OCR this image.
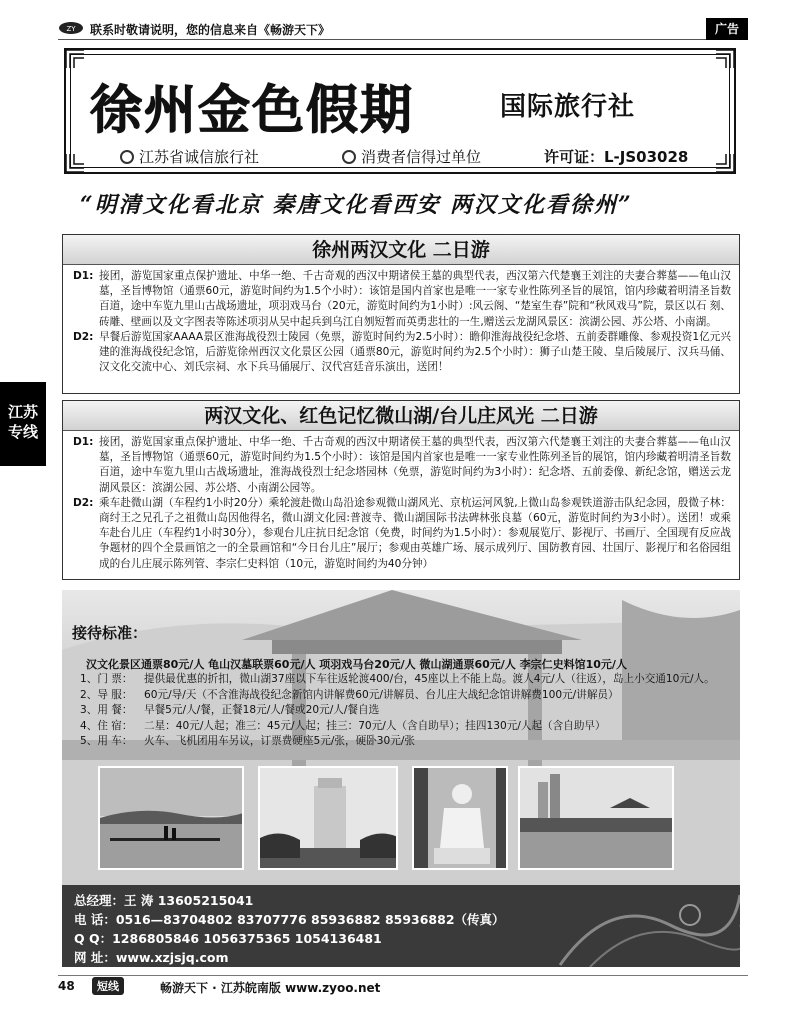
ZY 联系时敬请说明，您的信息来自《畅游天下》	广告
徐州金色假期	国际旅行社
江苏省诚信旅行社	消费者信得过单位	许可证：L-JS03028
“明清文化看北京 秦唐文化看西安 两汉文化看徐州”
江苏
专线
徐州两汉文化 二日游
D1: 接团，游览国家重点保护遗址、中华一绝、千古奇观的西汉中期诸侯王墓的典型代表，西汉第六代楚襄王刘注的夫妻合葬墓——龟山汉墓，圣旨博物馆（通票60元，游览时间约为1.5个小时）：该馆是国内首家也是唯一一家专业性陈列圣旨的展馆，馆内珍藏着明清圣旨数百道，途中车览九里山古战场遗址，项羽戏马台（20元，游览时间约为1小时）:风云阁、“楚室生春”院和“秋风戏马”院，景区以石 刻、砖雕、壁画以及文字图表等陈述项羽从吴中起兵到乌江自刎短暂而英勇悲壮的一生,赠送云龙湖风景区：滨湖公园、苏公塔、小南湖。
D2: 早餐后游览国家AAAA景区淮海战役烈士陵园（免票，游览时间约为2.5小时）：瞻仰淮海战役纪念塔、五前委群雕像、参观投资1亿元兴建的淮海战役纪念馆，后游览徐州西汉文化景区公园（通票80元，游览时间约为2.5个小时）：狮子山楚王陵、皇后陵展厅、汉兵马俑、汉文化交流中心、刘氏宗祠、水下兵马俑展厅、汉代宫廷音乐演出，送团！
两汉文化、红色记忆微山湖/台儿庄风光 二日游
D1: 接团，游览国家重点保护遗址、中华一绝、千古奇观的西汉中期诸侯王墓的典型代表，西汉第六代楚襄王刘注的夫妻合葬墓——龟山汉墓，圣旨博物馆（通票60元，游览时间约为1.5个小时）：该馆是国内首家也是唯一一家专业性陈列圣旨的展馆，馆内珍藏着明清圣旨数百道，途中车览九里山古战场遗址，淮海战役烈士纪念塔园林（免票，游览时间约为3小时）：纪念塔、五前委像、新纪念馆，赠送云龙湖风景区：滨湖公园、苏公塔、小南湖公园等。
D2: 乘车赴微山湖（车程约1小时20分）乘轮渡赴微山岛沿途参观微山湖风光、京杭运河风貌,上微山岛参观铁道游击队纪念园，殷微子林：商纣王之兄孔子之祖微山岛因他得名，微山湖文化园:普渡寺、微山湖国际书法碑林张良墓（60元，游览时间约为3小时）。送团！或乘车赴台儿庄（车程约1小时30分），参观台儿庄抗日纪念馆（免费，时间约为1.5小时）：参观展览厅、影视厅、书画厅、全国现有反应战争题材的四个全景画馆之一的全景画馆和“今日台儿庄”展厅；参观由英雄广场、展示成列厅、国防教育园、壮国厅、影视厅和名俗园组成的台儿庄展示陈列管、李宗仁史料馆（10元，游览时间约为40分钟）
接待标准：
汉文化景区通票80元/人 龟山汉墓联票60元/人 项羽戏马台20元/人 微山湖通票60元/人 李宗仁史料馆10元/人
1、门 票：	提供最优惠的折扣，微山湖37座以下车往返轮渡400/台，45座以上不能上岛。渡人4元/人（往返），岛上小交通10元/人。
2、导 服：	60元/导/天（不含淮海战役纪念新馆内讲解费60元/讲解员、台儿庄大战纪念馆讲解费100元/讲解员）
3、用 餐：	早餐5元/人/餐，正餐18元/人/餐或20元/人/餐自选
4、住 宿：	二星：40元/人起；准三：45元/人起；挂三：70元/人（含自助早）；挂四130元/人起（含自助早）
5、用 车：	火车、飞机团用车另议，订票费硬座5元/张，硬卧30元/张
总经理：王 涛 13605215041
电 话：0516—83704802 83707776 85936882 85936882（传真）
Q Q：1286805846 1056375365 1054136481
网 址：www.xzjsjq.com
48	短线	畅游天下 · 江苏皖南版 www.zyoo.net
